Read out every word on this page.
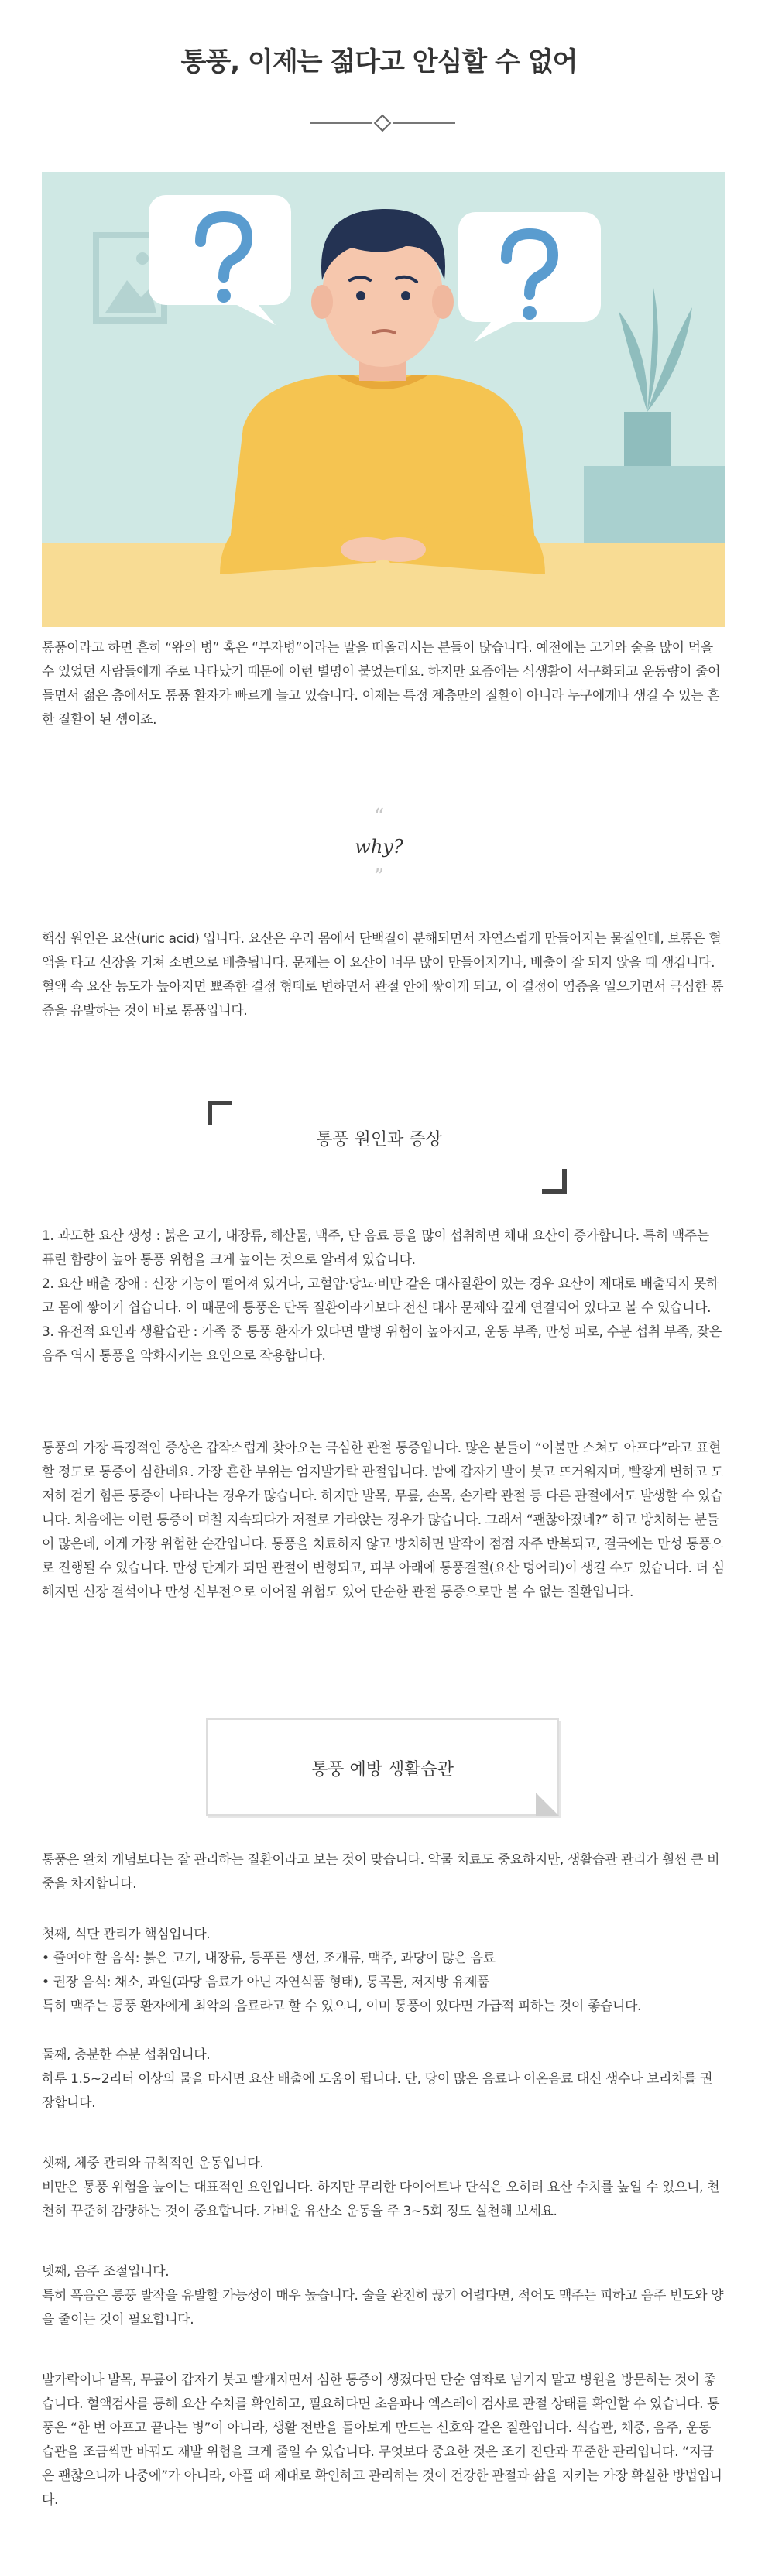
통풍, 이제는 젊다고 안심할 수 없어

통풍이라고 하면 흔히 “왕의 병” 혹은 “부자병”이라는 말을 떠올리시는 분들이 많습니다. 예전에는 고기와 술을 많이 먹을 수 있었던 사람들에게 주로 나타났기 때문에 이런 별명이 붙었는데요. 하지만 요즘에는 식생활이 서구화되고 운동량이 줄어들면서 젊은 층에서도 통풍 환자가 빠르게 늘고 있습니다. 이제는 특정 계층만의 질환이 아니라 누구에게나 생길 수 있는 흔한 질환이 된 셈이죠.

“
why?
”

핵심 원인은 요산(uric acid) 입니다. 요산은 우리 몸에서 단백질이 분해되면서 자연스럽게 만들어지는 물질인데, 보통은 혈액을 타고 신장을 거쳐 소변으로 배출됩니다. 문제는 이 요산이 너무 많이 만들어지거나, 배출이 잘 되지 않을 때 생깁니다. 혈액 속 요산 농도가 높아지면 뾰족한 결정 형태로 변하면서 관절 안에 쌓이게 되고, 이 결정이 염증을 일으키면서 극심한 통증을 유발하는 것이 바로 통풍입니다.

통풍 원인과 증상

1. 과도한 요산 생성 : 붉은 고기, 내장류, 해산물, 맥주, 단 음료 등을 많이 섭취하면 체내 요산이 증가합니다. 특히 맥주는 퓨린 함량이 높아 통풍 위험을 크게 높이는 것으로 알려져 있습니다.

2. 요산 배출 장애 : 신장 기능이 떨어져 있거나, 고혈압·당뇨·비만 같은 대사질환이 있는 경우 요산이 제대로 배출되지 못하고 몸에 쌓이기 쉽습니다. 이 때문에 통풍은 단독 질환이라기보다 전신 대사 문제와 깊게 연결되어 있다고 볼 수 있습니다.

3. 유전적 요인과 생활습관 : 가족 중 통풍 환자가 있다면 발병 위험이 높아지고, 운동 부족, 만성 피로, 수분 섭취 부족, 잦은 음주 역시 통풍을 악화시키는 요인으로 작용합니다.

통풍의 가장 특징적인 증상은 갑작스럽게 찾아오는 극심한 관절 통증입니다. 많은 분들이 “이불만 스쳐도 아프다”라고 표현할 정도로 통증이 심한데요. 가장 흔한 부위는 엄지발가락 관절입니다. 밤에 갑자기 발이 붓고 뜨거워지며, 빨갛게 변하고 도저히 걷기 힘든 통증이 나타나는 경우가 많습니다. 하지만 발목, 무릎, 손목, 손가락 관절 등 다른 관절에서도 발생할 수 있습니다. 처음에는 이런 통증이 며칠 지속되다가 저절로 가라앉는 경우가 많습니다. 그래서 “괜찮아졌네?” 하고 방치하는 분들이 많은데, 이게 가장 위험한 순간입니다. 통풍을 치료하지 않고 방치하면 발작이 점점 자주 반복되고, 결국에는 만성 통풍으로 진행될 수 있습니다. 만성 단계가 되면 관절이 변형되고, 피부 아래에 통풍결절(요산 덩어리)이 생길 수도 있습니다. 더 심해지면 신장 결석이나 만성 신부전으로 이어질 위험도 있어 단순한 관절 통증으로만 볼 수 없는 질환입니다.

통풍 예방 생활습관

통풍은 완치 개념보다는 잘 관리하는 질환이라고 보는 것이 맞습니다. 약물 치료도 중요하지만, 생활습관 관리가 훨씬 큰 비중을 차지합니다.

첫째, 식단 관리가 핵심입니다.

• 줄여야 할 음식: 붉은 고기, 내장류, 등푸른 생선, 조개류, 맥주, 과당이 많은 음료

• 권장 음식: 채소, 과일(과당 음료가 아닌 자연식품 형태), 통곡물, 저지방 유제품

특히 맥주는 통풍 환자에게 최악의 음료라고 할 수 있으니, 이미 통풍이 있다면 가급적 피하는 것이 좋습니다.

둘째, 충분한 수분 섭취입니다.

하루 1.5~2리터 이상의 물을 마시면 요산 배출에 도움이 됩니다. 단, 당이 많은 음료나 이온음료 대신 생수나 보리차를 권장합니다.

셋째, 체중 관리와 규칙적인 운동입니다.

비만은 통풍 위험을 높이는 대표적인 요인입니다. 하지만 무리한 다이어트나 단식은 오히려 요산 수치를 높일 수 있으니, 천천히 꾸준히 감량하는 것이 중요합니다. 가벼운 유산소 운동을 주 3~5회 정도 실천해 보세요.

넷째, 음주 조절입니다.

특히 폭음은 통풍 발작을 유발할 가능성이 매우 높습니다. 술을 완전히 끊기 어렵다면, 적어도 맥주는 피하고 음주 빈도와 양을 줄이는 것이 필요합니다.

발가락이나 발목, 무릎이 갑자기 붓고 빨개지면서 심한 통증이 생겼다면 단순 염좌로 넘기지 말고 병원을 방문하는 것이 좋습니다. 혈액검사를 통해 요산 수치를 확인하고, 필요하다면 초음파나 엑스레이 검사로 관절 상태를 확인할 수 있습니다. 통풍은 “한 번 아프고 끝나는 병”이 아니라, 생활 전반을 돌아보게 만드는 신호와 같은 질환입니다. 식습관, 체중, 음주, 운동 습관을 조금씩만 바꿔도 재발 위험을 크게 줄일 수 있습니다. 무엇보다 중요한 것은 조기 진단과 꾸준한 관리입니다. “지금은 괜찮으니까 나중에”가 아니라, 아플 때 제대로 확인하고 관리하는 것이 건강한 관절과 삶을 지키는 가장 확실한 방법입니다.
